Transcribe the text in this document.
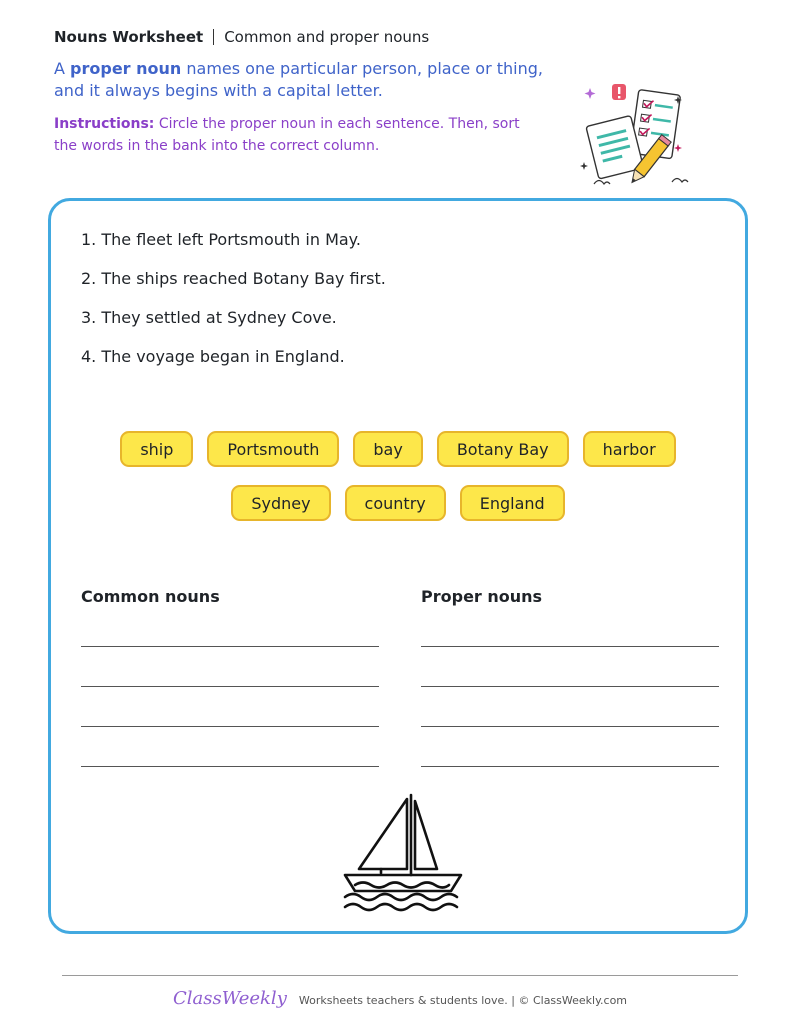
Nouns Worksheet Common and proper nouns
A proper noun names one particular person, place or thing, and it always begins with a capital letter.
Instructions: Circle the proper noun in each sentence. Then, sort the words in the bank into the correct column.
1. The fleet left Portsmouth in May.
2. The ships reached Botany Bay first.
3. They settled at Sydney Cove.
4. The voyage began in England.
ship	Portsmouth	bay	Botany Bay	harbor
Sydney	country	England
Common nouns	Proper nouns
ClassWeekly Worksheets teachers & students love. | © ClassWeekly.com
